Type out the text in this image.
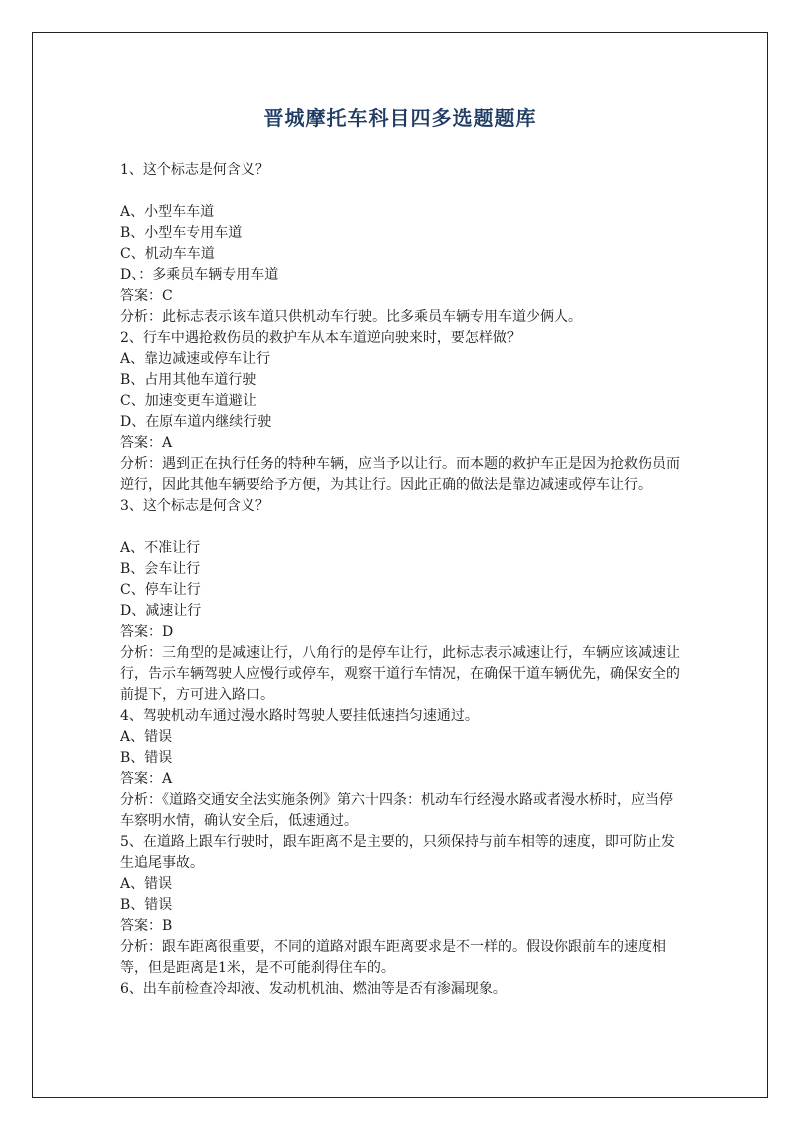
晋城摩托车科目四多选题题库
1、这个标志是何含义？
A、小型车车道
B、小型车专用车道
C、机动车车道
D、：多乘员车辆专用车道
答案：C
分析：此标志表示该车道只供机动车行驶。比多乘员车辆专用车道少俩人。
2、行车中遇抢救伤员的救护车从本车道逆向驶来时，要怎样做？
A、靠边减速或停车让行
B、占用其他车道行驶
C、加速变更车道避让
D、在原车道内继续行驶
答案：A
分析：遇到正在执行任务的特种车辆，应当予以让行。而本题的救护车正是因为抢救伤员而逆行，因此其他车辆要给予方便，为其让行。因此正确的做法是靠边减速或停车让行。
3、这个标志是何含义？
A、不准让行
B、会车让行
C、停车让行
D、减速让行
答案：D
分析：三角型的是减速让行，八角行的是停车让行，此标志表示减速让行，车辆应该减速让行，告示车辆驾驶人应慢行或停车，观察干道行车情况，在确保干道车辆优先，确保安全的前提下，方可进入路口。
4、驾驶机动车通过漫水路时驾驶人要挂低速挡匀速通过。
A、错误
B、错误
答案：A
分析：《道路交通安全法实施条例》第六十四条：机动车行经漫水路或者漫水桥时，应当停车察明水情，确认安全后，低速通过。
5、在道路上跟车行驶时，跟车距离不是主要的，只须保持与前车相等的速度，即可防止发生追尾事故。
A、错误
B、错误
答案：B
分析：跟车距离很重要，不同的道路对跟车距离要求是不一样的。假设你跟前车的速度相等，但是距离是1米，是不可能刹得住车的。
6、出车前检查冷却液、发动机机油、燃油等是否有渗漏现象。
